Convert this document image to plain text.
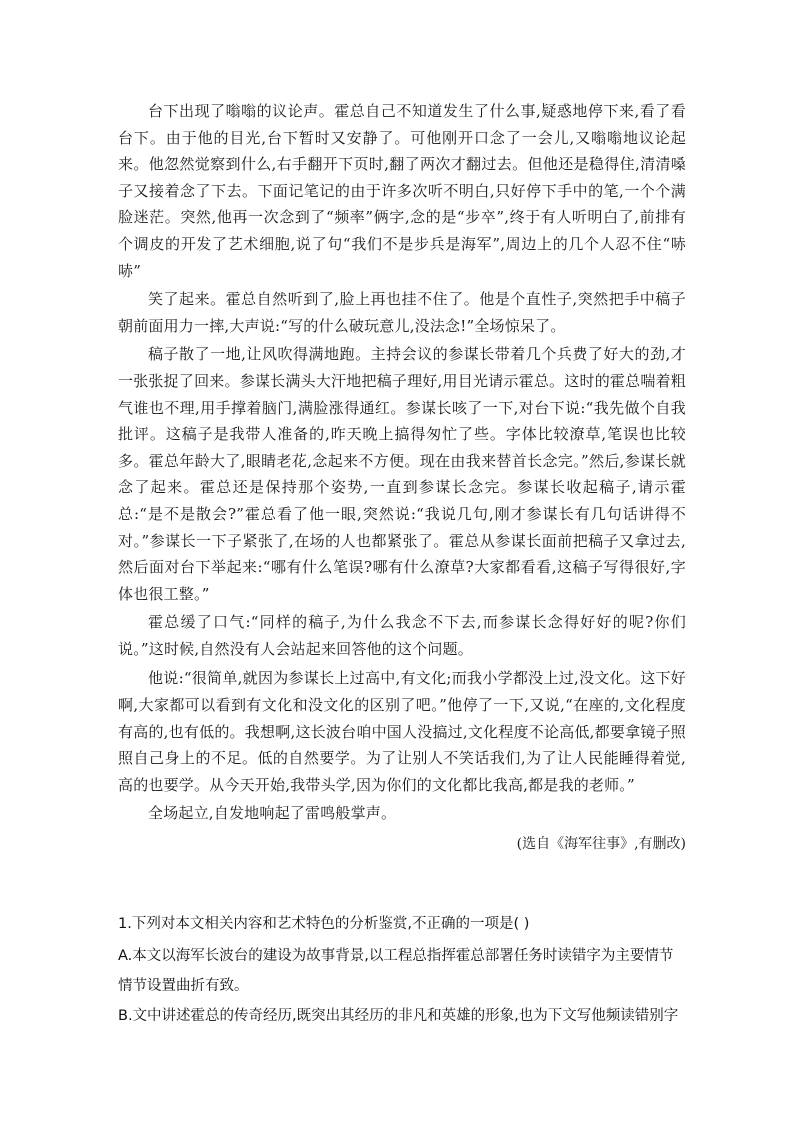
台下出现了嗡嗡的议论声。霍总自己不知道发生了什么事,疑惑地停下来,看了看台下。由于他的目光,台下暂时又安静了。可他刚开口念了一会儿,又嗡嗡地议论起来。他忽然觉察到什么,右手翻开下页时,翻了两次才翻过去。但他还是稳得住,清清嗓子又接着念了下去。下面记笔记的由于许多次听不明白,只好停下手中的笔,一个个满脸迷茫。突然,他再一次念到了“频率”俩字,念的是“步卒”,终于有人听明白了,前排有个调皮的开发了艺术细胞,说了句“我们不是步兵是海军”,周边上的几个人忍不住“哧哧”

笑了起来。霍总自然听到了,脸上再也挂不住了。他是个直性子,突然把手中稿子朝前面用力一摔,大声说:“写的什么破玩意儿,没法念!”全场惊呆了。

稿子散了一地,让风吹得满地跑。主持会议的参谋长带着几个兵费了好大的劲,才一张张捉了回来。参谋长满头大汗地把稿子理好,用目光请示霍总。这时的霍总喘着粗气谁也不理,用手撑着脑门,满脸涨得通红。参谋长咳了一下,对台下说:“我先做个自我批评。这稿子是我带人准备的,昨天晚上搞得匆忙了些。字体比较潦草,笔误也比较多。霍总年龄大了,眼睛老花,念起来不方便。现在由我来替首长念完。”然后,参谋长就念了起来。霍总还是保持那个姿势,一直到参谋长念完。参谋长收起稿子,请示霍总:“是不是散会?”霍总看了他一眼,突然说:“我说几句,刚才参谋长有几句话讲得不对。”参谋长一下子紧张了,在场的人也都紧张了。霍总从参谋长面前把稿子又拿过去,然后面对台下举起来:“哪有什么笔误?哪有什么潦草?大家都看看,这稿子写得很好,字体也很工整。”

霍总缓了口气:“同样的稿子,为什么我念不下去,而参谋长念得好好的呢?你们说。”这时候,自然没有人会站起来回答他的这个问题。

他说:“很简单,就因为参谋长上过高中,有文化;而我小学都没上过,没文化。这下好啊,大家都可以看到有文化和没文化的区别了吧。”他停了一下,又说,“在座的,文化程度有高的,也有低的。我想啊,这长波台咱中国人没搞过,文化程度不论高低,都要拿镜子照照自己身上的不足。低的自然要学。为了让别人不笑话我们,为了让人民能睡得着觉,高的也要学。从今天开始,我带头学,因为你们的文化都比我高,都是我的老师。”

全场起立,自发地响起了雷鸣般掌声。

(选自《海军往事》,有删改)

1.下列对本文相关内容和艺术特色的分析鉴赏,不正确的一项是( )

A.本文以海军长波台的建设为故事背景,以工程总指挥霍总部署任务时读错字为主要情节情节设置曲折有致。

B.文中讲述霍总的传奇经历,既突出其经历的非凡和英雄的形象,也为下文写他频读错别字
